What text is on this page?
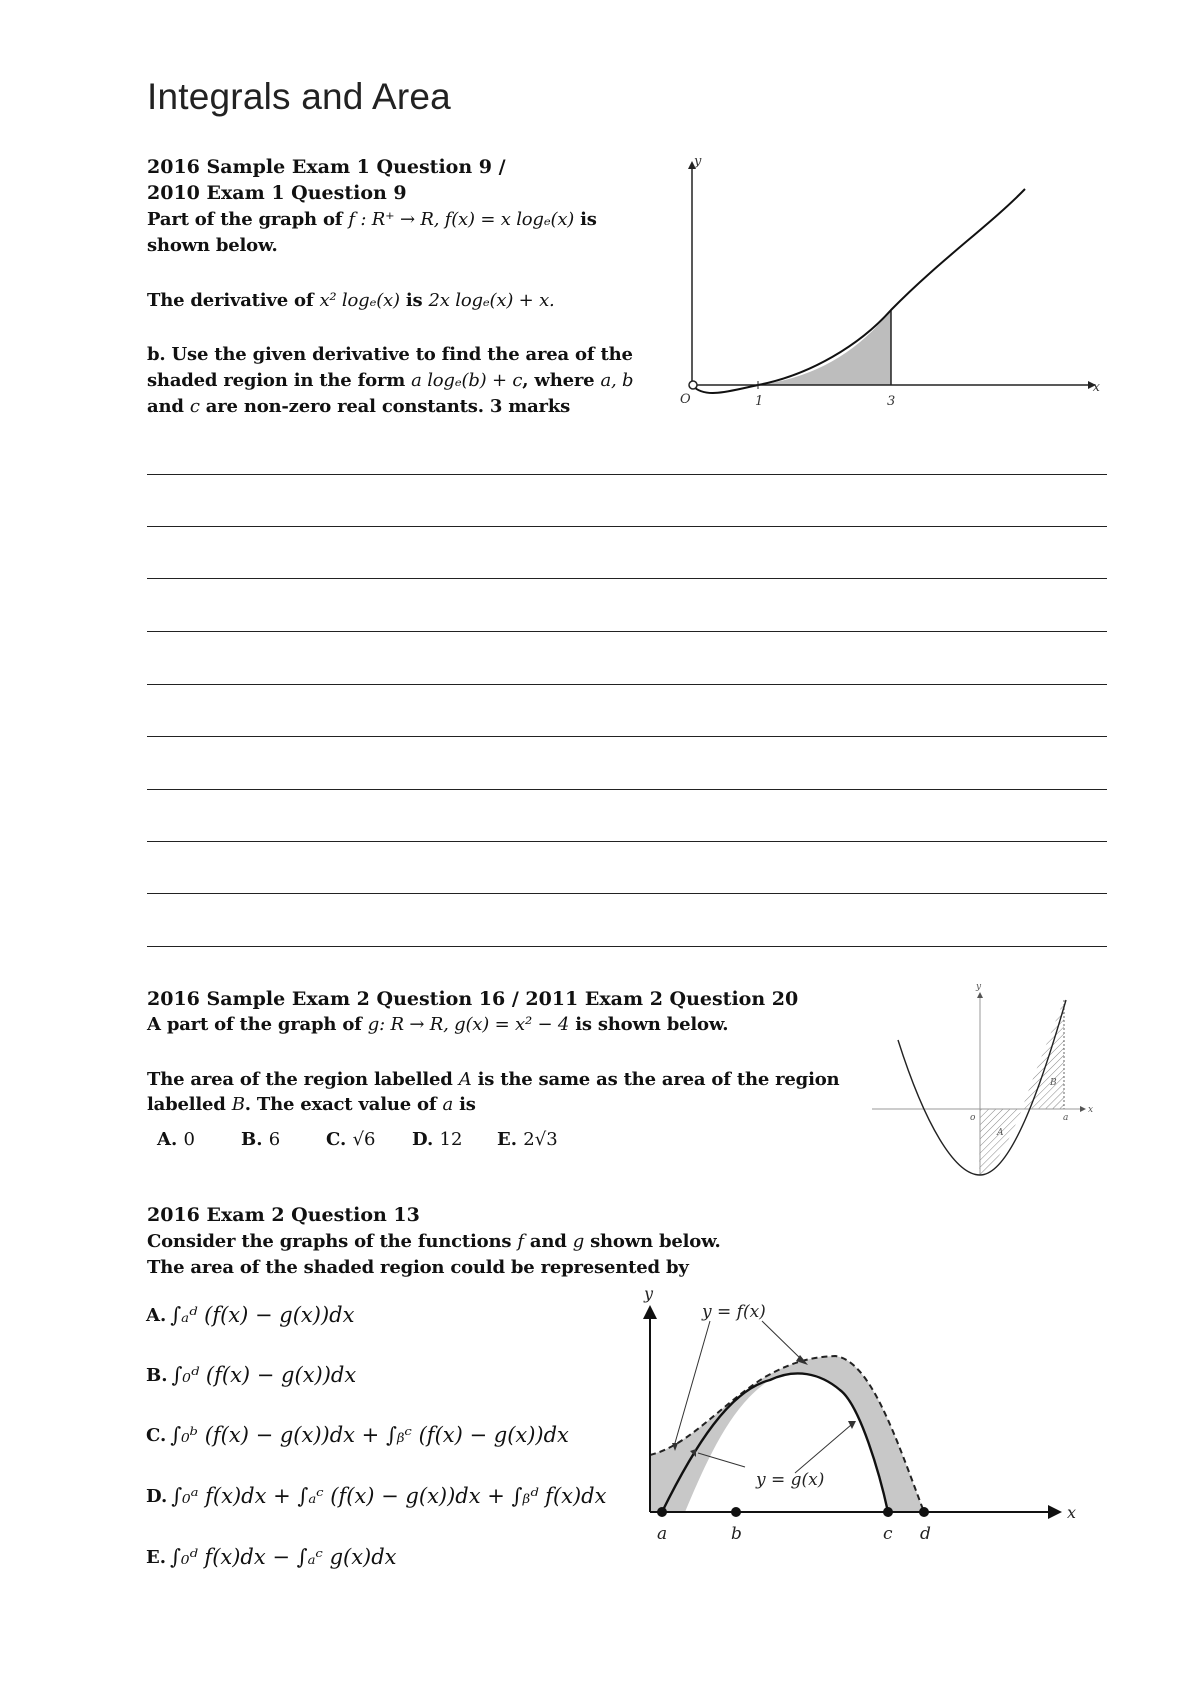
Integrals and Area
2016 Sample Exam 1 Question 9 /
2010 Exam 1 Question 9
Part of the graph of f : R⁺ → R, f(x) = x logₑ(x) is
shown below.
The derivative of x² logₑ(x) is 2x logₑ(x) + x.
b. Use the given derivative to find the area of the
shaded region in the form a logₑ(b) + c, where a, b
and c are non-zero real constants. 3 marks
y
x
O	1	3
2016 Sample Exam 2 Question 16 / 2011 Exam 2 Question 20
A part of the graph of g: R → R, g(x) = x² − 4 is shown below.
The area of the region labelled A is the same as the area of the region
labelled B. The exact value of a is
A. 0	B. 6	C. √6 D. 12 E. 2√3
y
x
o	a
A
B
2016 Exam 2 Question 13
Consider the graphs of the functions f and g shown below.
The area of the shaded region could be represented by
A. ∫ₐᵈ (f(x) − g(x))dx
B. ∫₀ᵈ (f(x) − g(x))dx
C. ∫₀ᵇ (f(x) − g(x))dx + ∫ᵦᶜ (f(x) − g(x))dx
D. ∫₀ᵃ f(x)dx + ∫ₐᶜ (f(x) − g(x))dx + ∫ᵦᵈ f(x)dx
E. ∫₀ᵈ f(x)dx − ∫ₐᶜ g(x)dx
y
x
y = f(x)
y = g(x)
a	b	c d
